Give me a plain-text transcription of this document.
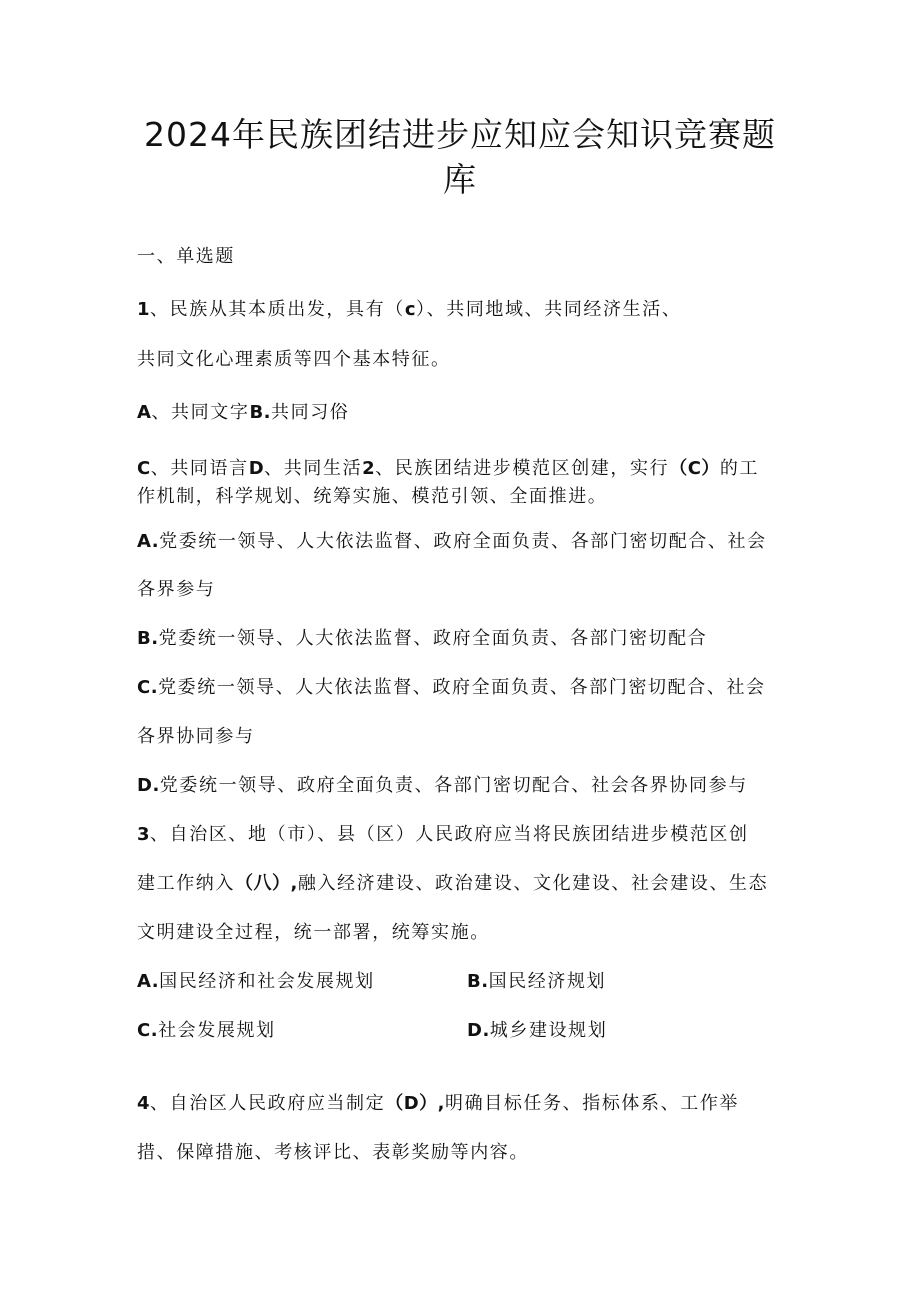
2024年民族团结进步应知应会知识竞赛题
库
一、单选题
1、民族从其本质出发，具有（c）、共同地域、共同经济生活、
共同文化心理素质等四个基本特征。
A、共同文字B.共同习俗
C、共同语言D、共同生活2、民族团结进步模范区创建，实行（C）的工
作机制，科学规划、统筹实施、模范引领、全面推进。
A.党委统一领导、人大依法监督、政府全面负责、各部门密切配合、社会
各界参与
B.党委统一领导、人大依法监督、政府全面负责、各部门密切配合
C.党委统一领导、人大依法监督、政府全面负责、各部门密切配合、社会
各界协同参与
D.党委统一领导、政府全面负责、各部门密切配合、社会各界协同参与
3、自治区、地（市）、县（区）人民政府应当将民族团结进步模范区创
建工作纳入（八）,融入经济建设、政治建设、文化建设、社会建设、生态
文明建设全过程，统一部署，统筹实施。
A.国民经济和社会发展规划	B.国民经济规划
C.社会发展规划	D.城乡建设规划
4、自治区人民政府应当制定（D）,明确目标任务、指标体系、工作举
措、保障措施、考核评比、表彰奖励等内容。
